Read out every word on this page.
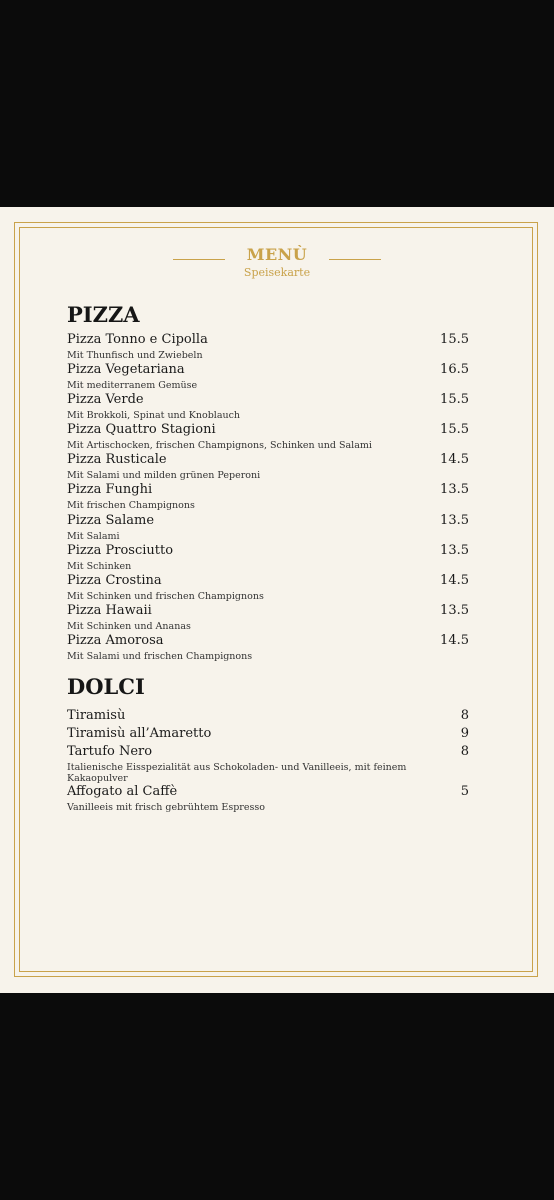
MENÙ
Speisekarte
PIZZA
Pizza Tonno e Cipolla	15.5
Mit Thunfisch und Zwiebeln
Pizza Vegetariana	16.5
Mit mediterranem Gemüse
Pizza Verde	15.5
Mit Brokkoli, Spinat und Knoblauch
Pizza Quattro Stagioni	15.5
Mit Artischocken, frischen Champignons, Schinken und Salami
Pizza Rusticale	14.5
Mit Salami und milden grünen Peperoni
Pizza Funghi	13.5
Mit frischen Champignons
Pizza Salame	13.5
Mit Salami
Pizza Prosciutto	13.5
Mit Schinken
Pizza Crostina	14.5
Mit Schinken und frischen Champignons
Pizza Hawaii	13.5
Mit Schinken und Ananas
Pizza Amorosa	14.5
Mit Salami und frischen Champignons
DOLCI
Tiramisù	8
Tiramisù all’Amaretto	9
Tartufo Nero	8
Italienische Eisspezialität aus Schokoladen- und Vanilleeis, mit feinem Kakaopulver
Affogato al Caffè	5
Vanilleeis mit frisch gebrühtem Espresso
